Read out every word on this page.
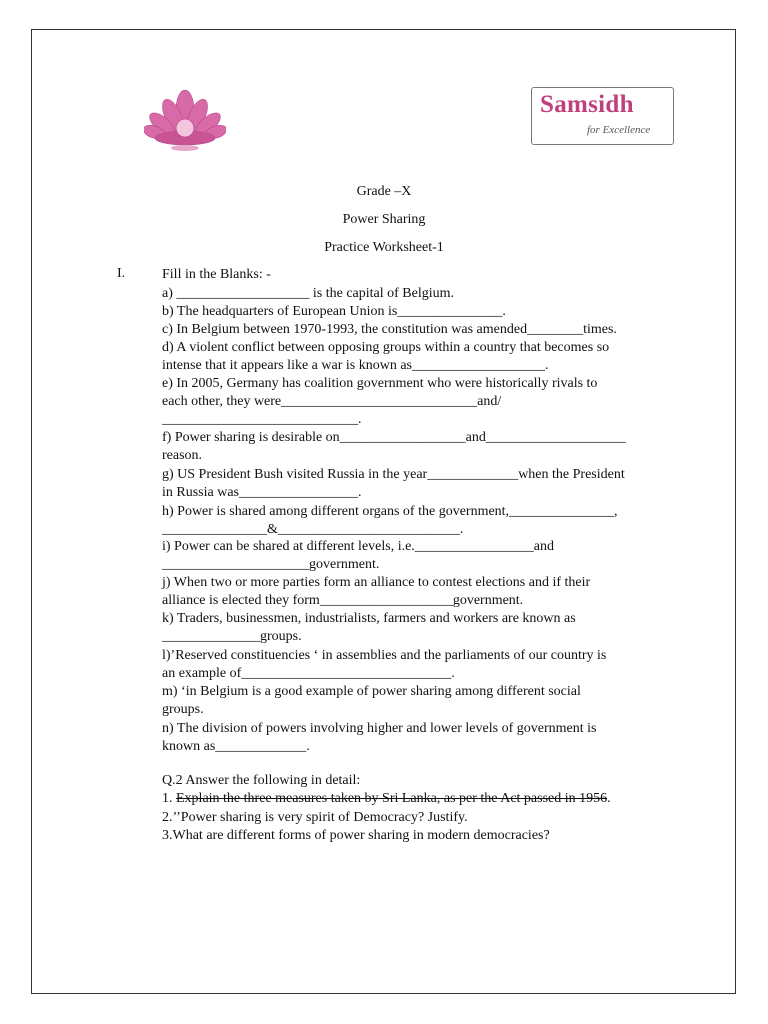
Samsidh
for Excellence
Grade –X
Power Sharing
Practice Worksheet-1
I.	Fill in the Blanks: -
a) ___________________ is the capital of Belgium.
b) The headquarters of European Union is_______________.
c) In Belgium between 1970-1993, the constitution was amended________times.
d) A violent conflict between opposing groups within a country that becomes so
intense that it appears like a war is known as___________________.
e) In 2005, Germany has coalition government who were historically rivals to
each other, they were____________________________and/
____________________________.
f) Power sharing is desirable on__________________and____________________
reason.
g) US President Bush visited Russia in the year_____________when the President
in Russia was_________________.
h) Power is shared among different organs of the government,_______________,
_______________&__________________________.
i) Power can be shared at different levels, i.e._________________and
_____________________government.
j) When two or more parties form an alliance to contest elections and if their
alliance is elected they form___________________government.
k) Traders, businessmen, industrialists, farmers and workers are known as
______________groups.
l)’Reserved constituencies ‘ in assemblies and the parliaments of our country is
an example of______________________________.
m) ‘in Belgium is a good example of power sharing among different social
groups.
n) The division of powers involving higher and lower levels of government is
known as_____________.
Q.2 Answer the following in detail:
1. Explain the three measures taken by Sri Lanka, as per the Act passed in 1956.
2.’’Power sharing is very spirit of Democracy? Justify.
3.What are different forms of power sharing in modern democracies?
